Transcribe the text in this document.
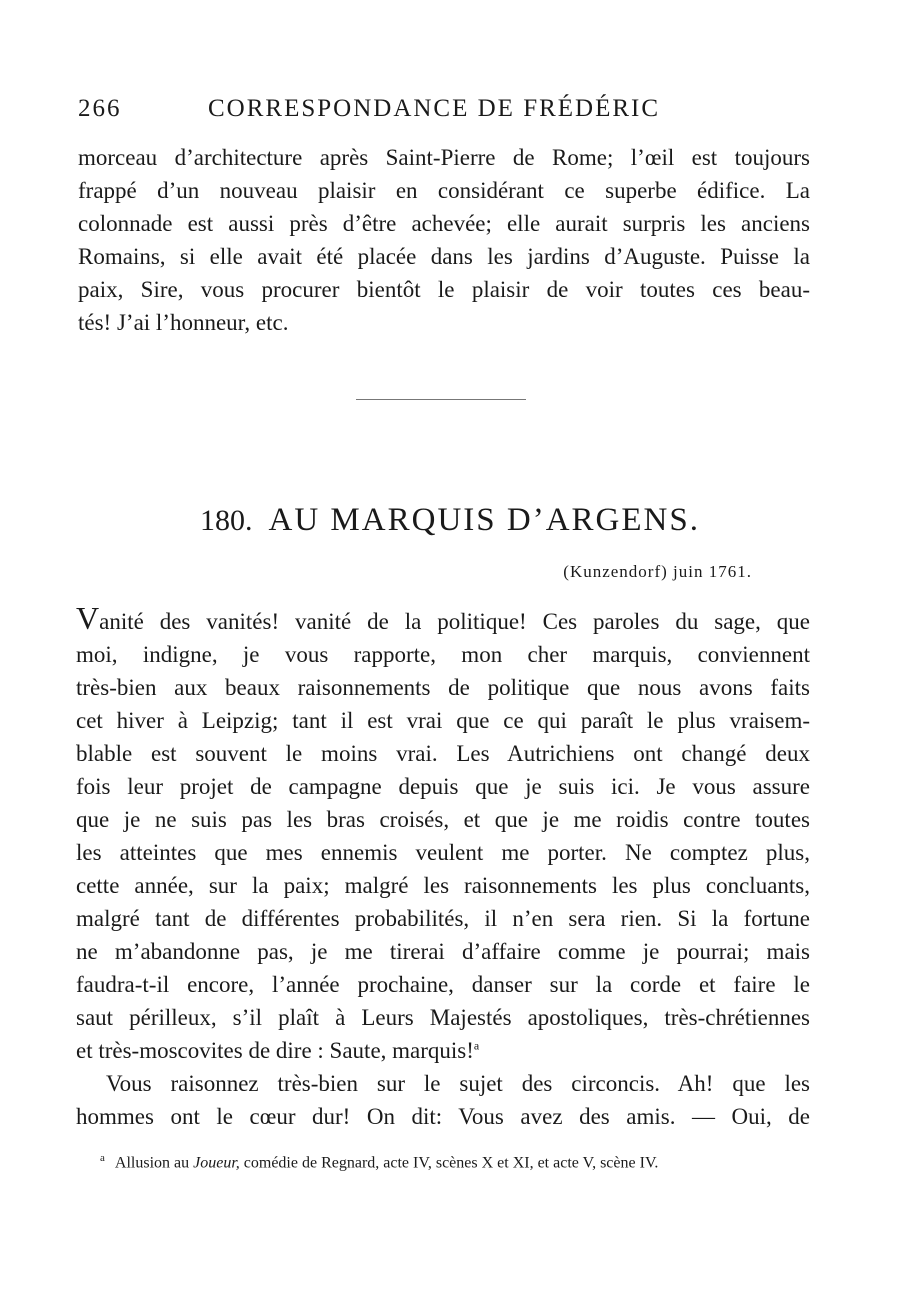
266	CORRESPONDANCE DE FRÉDÉRIC
morceau d’architecture après Saint-Pierre de Rome; l’œil est toujours
frappé d’un nouveau plaisir en considérant ce superbe édifice. La
colonnade est aussi près d’être achevée; elle aurait surpris les anciens
Romains, si elle avait été placée dans les jardins d’Auguste. Puisse la
paix, Sire, vous procurer bientôt le plaisir de voir toutes ces beau-
tés! J’ai l’honneur, etc.
180. AU MARQUIS D’ARGENS.
(Kunzendorf) juin 1761.
Vanité des vanités! vanité de la politique! Ces paroles du sage, que
moi, indigne, je vous rapporte, mon cher marquis, conviennent
très-bien aux beaux raisonnements de politique que nous avons faits
cet hiver à Leipzig; tant il est vrai que ce qui paraît le plus vraisem-
blable est souvent le moins vrai. Les Autrichiens ont changé deux
fois leur projet de campagne depuis que je suis ici. Je vous assure
que je ne suis pas les bras croisés, et que je me roidis contre toutes
les atteintes que mes ennemis veulent me porter. Ne comptez plus,
cette année, sur la paix; malgré les raisonnements les plus concluants,
malgré tant de différentes probabilités, il n’en sera rien. Si la fortune
ne m’abandonne pas, je me tirerai d’affaire comme je pourrai; mais
faudra-t-il encore, l’année prochaine, danser sur la corde et faire le
saut périlleux, s’il plaît à Leurs Majestés apostoliques, très-chrétiennes
et très-moscovites de dire : Saute, marquis!$^a$
Vous raisonnez très-bien sur le sujet des circoncis. Ah! que les
hommes ont le cœur dur! On dit: Vous avez des amis. — Oui, de
$^a$ Allusion au Joueur, comédie de Regnard, acte IV, scènes X et XI, et acte V, scène IV.
